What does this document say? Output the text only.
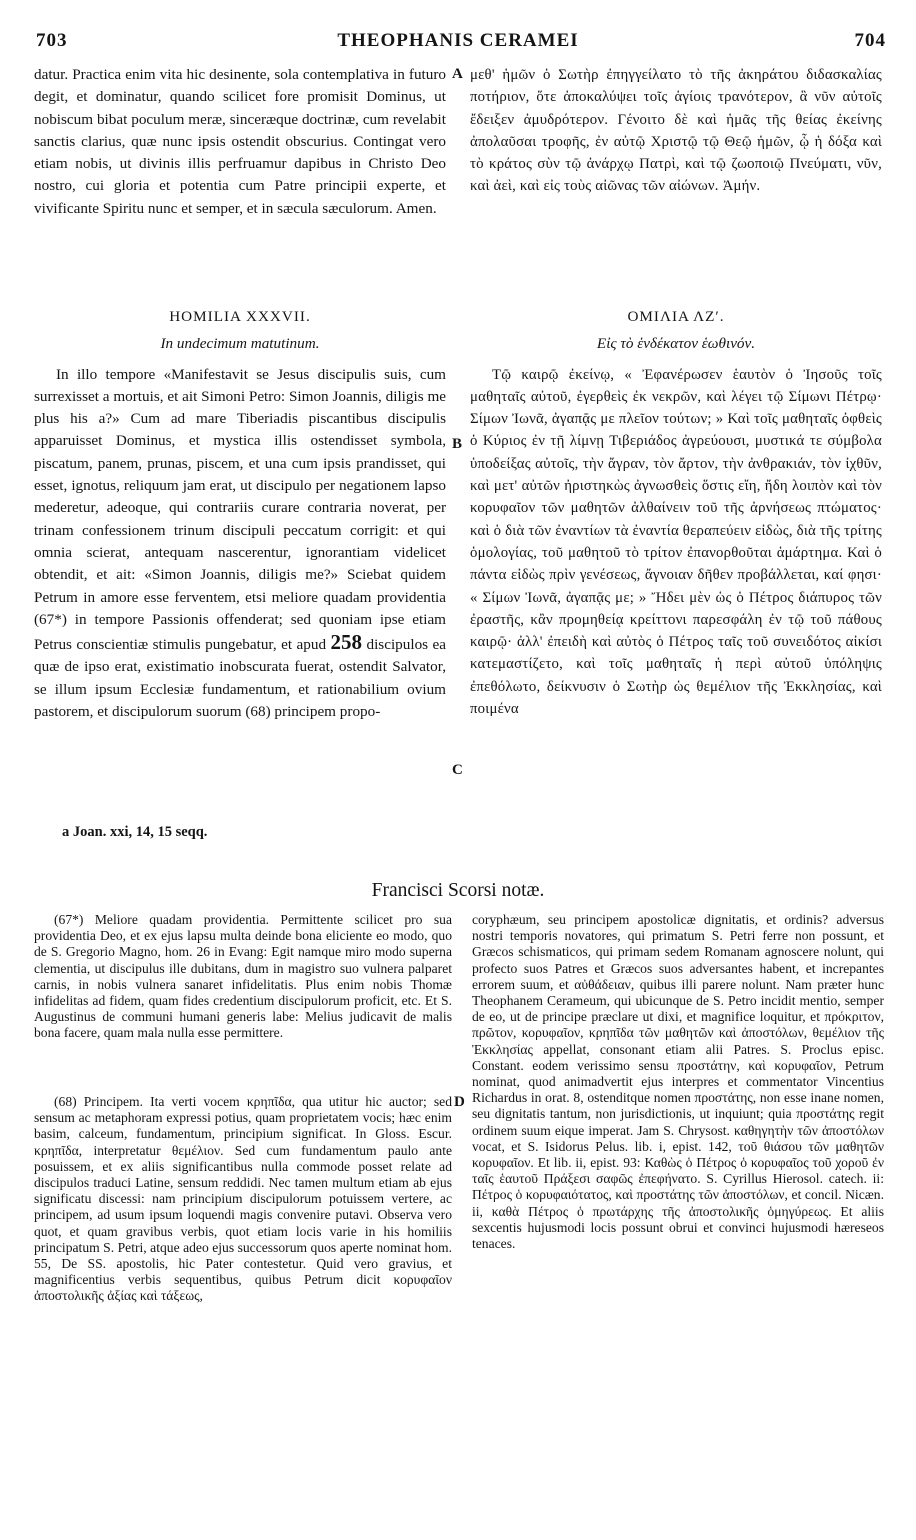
703	THEOPHANIS CERAMEI	704

datur. Practica enim vita hic desinente, sola contemplativa in futuro degit, et dominatur, quando scilicet fore promisit Dominus, ut nobiscum bibat poculum meræ, sinceræque doctrinæ, cum revelabit sanctis clarius, quæ nunc ipsis ostendit obscurius. Contingat vero etiam nobis, ut divinis illis perfruamur dapibus in Christo Deo nostro, cui gloria et potentia cum Patre principii experte, et vivificante Spiritu nunc et semper, et in sæcula sæculorum. Amen.

HOMILIA XXXVII.

In undecimum matutinum.

In illo tempore «Manifestavit se Jesus discipulis suis, cum surrexisset a mortuis, et ait Simoni Petro: Simon Joannis, diligis me plus his a?» Cum ad mare Tiberiadis piscantibus discipulis apparuisset Dominus, et mystica illis ostendisset symbola, piscatum, panem, prunas, piscem, et una cum ipsis prandisset, qui esset, ignotus, reliquum jam erat, ut discipulo per negationem lapso mederetur, adeoque, qui contrariis curare contraria noverat, per trinam confessionem trinum discipuli peccatum corrigit: et qui omnia scierat, antequam nascerentur, ignorantiam videlicet obtendit, et ait: «Simon Joannis, diligis me?» Sciebat quidem Petrum in amore esse ferventem, etsi meliore quadam providentia (67*) in tempore Passionis offenderat; sed quoniam ipse etiam Petrus conscientiæ stimulis pungebatur, et apud 258 discipulos ea quæ de ipso erat, existimatio inobscurata fuerat, ostendit Salvator, se illum ipsum Ecclesiæ fundamentum, et rationabilium ovium pastorem, et discipulorum suorum (68) principem propo-

A
B
C
D

μεθ' ἡμῶν ὁ Σωτὴρ ἐπηγγείλατο τὸ τῆς ἀκηράτου διδασκαλίας ποτήριον, ὅτε ἀποκαλύψει τοῖς ἁγίοις τρανότερον, ἃ νῦν αὐτοῖς ἔδειξεν ἀμυδρότερον. Γένοιτο δὲ καὶ ἡμᾶς τῆς θείας ἐκείνης ἀπολαῦσαι τροφῆς, ἐν αὐτῷ Χριστῷ τῷ Θεῷ ἡμῶν, ᾧ ἡ δόξα καὶ τὸ κράτος σὺν τῷ ἀνάρχῳ Πατρὶ, καὶ τῷ ζωοποιῷ Πνεύματι, νῦν, καὶ ἀεὶ, καὶ εἰς τοὺς αἰῶνας τῶν αἰώνων. Ἀμήν.

ΟΜΙΛΙΑ ΛΖʹ.

Εἰς τὸ ἑνδέκατον ἑωθινόν.

Τῷ καιρῷ ἐκείνῳ, « Ἐφανέρωσεν ἑαυτὸν ὁ Ἰησοῦς τοῖς μαθηταῖς αὐτοῦ, ἐγερθεὶς ἐκ νεκρῶν, καὶ λέγει τῷ Σίμωνι Πέτρῳ· Σίμων Ἰωνᾶ, ἀγαπᾷς με πλεῖον τούτων; » Καὶ τοῖς μαθηταῖς ὀφθεὶς ὁ Κύριος ἐν τῇ λίμνῃ Τιβεριάδος ἀγρεύουσι, μυστικά τε σύμβολα ὑποδείξας αὐτοῖς, τὴν ἄγραν, τὸν ἄρτον, τὴν ἀνθρακιάν, τὸν ἰχθῦν, καὶ μετ' αὐτῶν ἠριστηκὼς ἀγνωσθεὶς ὅστις εἴη, ἤδη λοιπὸν καὶ τὸν κορυφαῖον τῶν μαθητῶν ἀλθαίνειν τοῦ τῆς ἀρνήσεως πτώματος· καὶ ὁ διὰ τῶν ἐναντίων τὰ ἐναντία θεραπεύειν εἰδὼς, διὰ τῆς τρίτης ὁμολογίας, τοῦ μαθητοῦ τὸ τρίτον ἐπανορθοῦται ἁμάρτημα. Καὶ ὁ πάντα εἰδὼς πρὶν γενέσεως, ἄγνοιαν δῆθεν προβάλλεται, καί φησι· « Σίμων Ἰωνᾶ, ἀγαπᾷς με; » Ἤδει μὲν ὡς ὁ Πέτρος διάπυρος τῶν ἐραστῆς, κἂν προμηθείᾳ κρείττονι παρεσφάλη ἐν τῷ τοῦ πάθους καιρῷ· ἀλλ' ἐπειδὴ καὶ αὐτὸς ὁ Πέτρος ταῖς τοῦ συνειδότος αἰκίσι κατεμαστίζετο, καὶ τοῖς μαθηταῖς ἡ περὶ αὐτοῦ ὑπόληψις ἐπεθόλωτο, δείκνυσιν ὁ Σωτὴρ ὡς θεμέλιον τῆς Ἐκκλησίας, καὶ ποιμένα

a Joan. xxi, 14, 15 seqq.
Francisci Scorsi notæ.

(67*) Meliore quadam providentia. Permittente scilicet pro sua providentia Deo, et ex ejus lapsu multa deinde bona eliciente eo modo, quo de S. Gregorio Magno, hom. 26 in Evang: Egit namque miro modo superna clementia, ut discipulus ille dubitans, dum in magistro suo vulnera palparet carnis, in nobis vulnera sanaret infidelitatis. Plus enim nobis Thomæ infidelitas ad fidem, quam fides credentium discipulorum proficit, etc. Et S. Augustinus de communi humani generis labe: Melius judicavit de malis bona facere, quam mala nulla esse permittere.

(68) Principem. Ita verti vocem κρηπῖδα, qua utitur hic auctor; sed sensum ac metaphoram expressi potius, quam proprietatem vocis; hæc enim basim, calceum, fundamentum, principium significat. In Gloss. Escur. κρηπῖδα, interpretatur θεμέλιον. Sed cum fundamentum paulo ante posuissem, et ex aliis significantibus nulla commode posset relate ad discipulos traduci Latine, sensum reddidi. Nec tamen multum etiam ab ejus significatu discessi: nam principium discipulorum potuissem vertere, ac principem, ad usum ipsum loquendi magis convenire putavi. Observa vero quot, et quam gravibus verbis, quot etiam locis varie in his homiliis principatum S. Petri, atque adeo ejus successorum quos aperte nominat hom. 55, De SS. apostolis, hic Pater contestetur. Quid vero gravius, et magnificentius verbis sequentibus, quibus Petrum dicit κορυφαῖον ἀποστολικῆς ἀξίας καὶ τάξεως,

coryphæum, seu principem apostolicæ dignitatis, et ordinis? adversus nostri temporis novatores, qui primatum S. Petri ferre non possunt, et Græcos schismaticos, qui primam sedem Romanam agnoscere nolunt, qui profecto suos Patres et Græcos suos adversantes habent, et increpantes errorem suum, et αὐθάδειαν, quibus illi parere nolunt. Nam præter hunc Theophanem Cerameum, qui ubicunque de S. Petro incidit mentio, semper de eo, ut de principe præclare ut dixi, et magnifice loquitur, et πρόκριτον, πρῶτον, κορυφαῖον, κρηπῖδα τῶν μαθητῶν καὶ ἀποστόλων, θεμέλιον τῆς Ἐκκλησίας appellat, consonant etiam alii Patres. S. Proclus episc. Constant. eodem verissimo sensu προστάτην, καὶ κορυφαῖον, Petrum nominat, quod animadvertit ejus interpres et commentator Vincentius Richardus in orat. 8, ostenditque nomen προστάτης, non esse inane nomen, seu dignitatis tantum, non jurisdictionis, ut inquiunt; quia προστάτης regit ordinem suum eique imperat. Jam S. Chrysost. καθηγητὴν τῶν ἀποστόλων vocat, et S. Isidorus Pelus. lib. i, epist. 142, τοῦ θιάσου τῶν μαθητῶν κορυφαῖον. Et lib. ii, epist. 93: Καθὼς ὁ Πέτρος ὁ κορυφαῖος τοῦ χοροῦ ἐν ταῖς ἑαυτοῦ Πράξεσι σαφῶς ἐπεφήνατο. S. Cyrillus Hierosol. catech. ii: Πέτρος ὁ κορυφαιότατος, καὶ προστάτης τῶν ἀποστόλων, et concil. Nicæn. ii, καθὰ Πέτρος ὁ πρωτάρχης τῆς ἀποστολικῆς ὁμηγύρεως. Et aliis sexcentis hujusmodi locis possunt obrui et convinci hujusmodi hæreseos tenaces.
